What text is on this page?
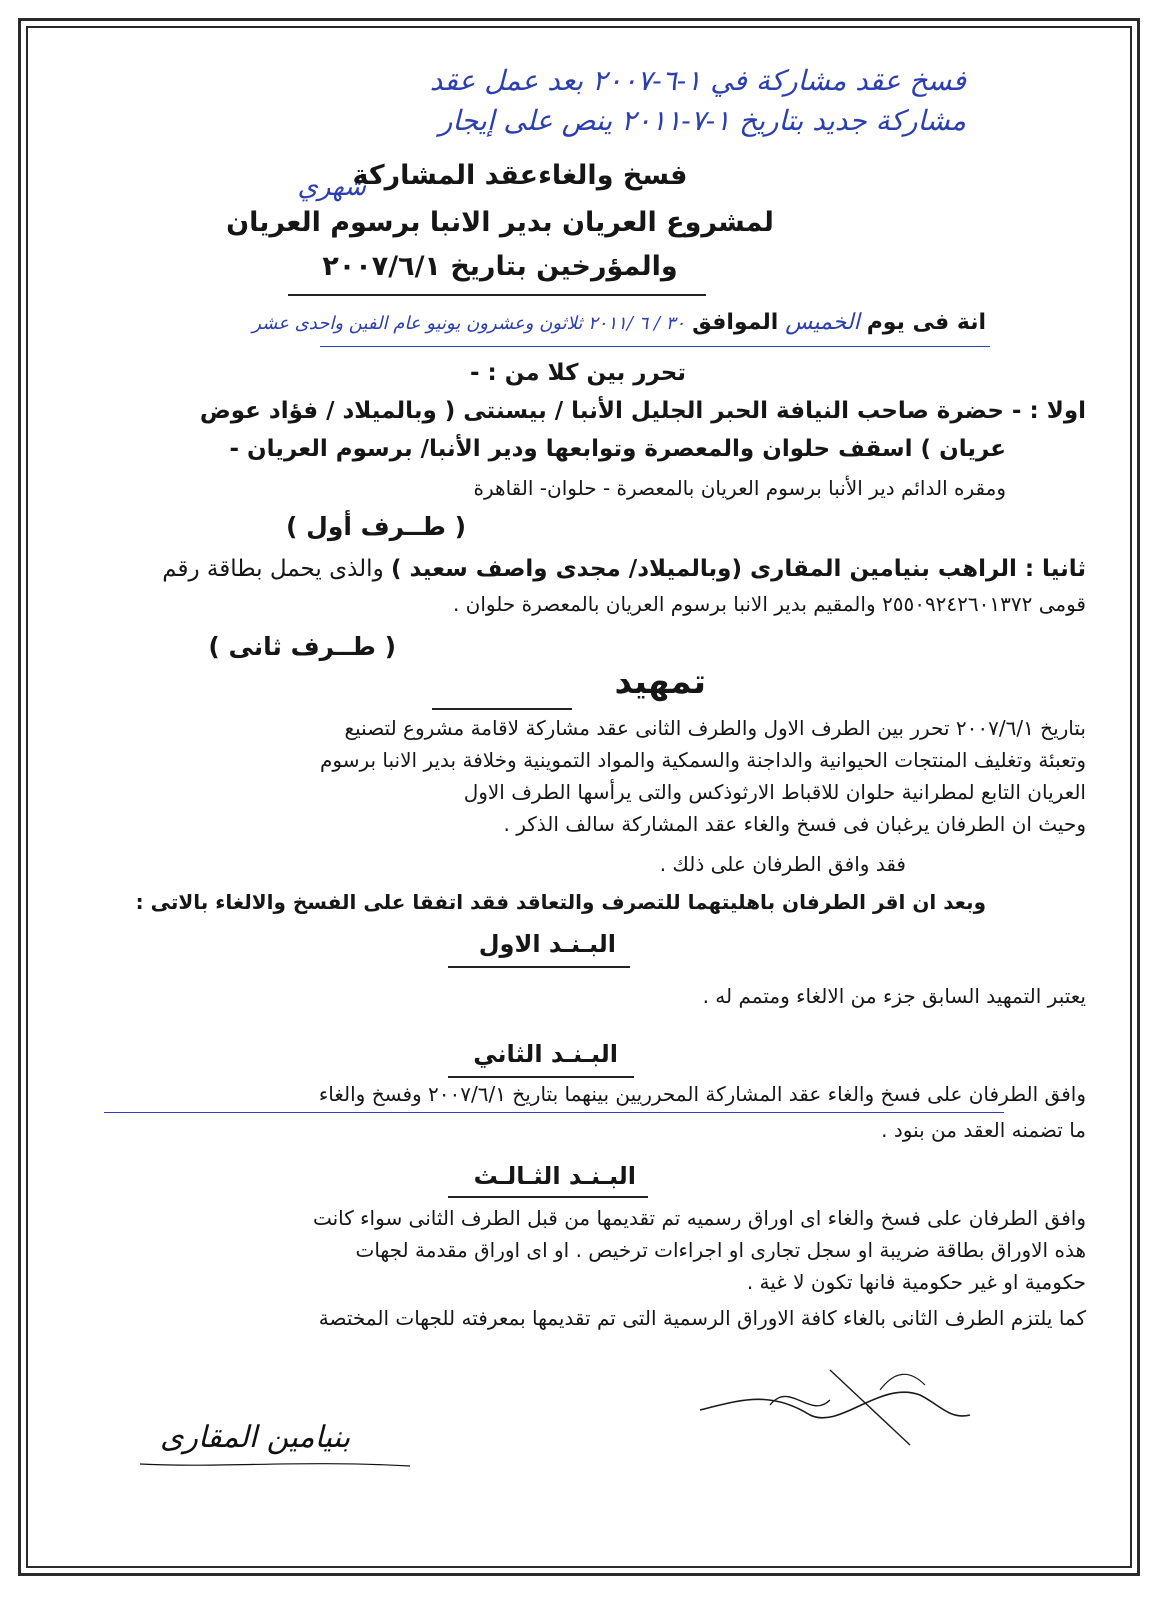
فسخ عقد مشاركة في ١-٦-٢٠٠٧ بعد عمل عقد
مشاركة جديد بتاريخ ١-٧-٢٠١١ ينص على إيجار
شهري
فسخ والغاءعقد المشاركة
لمشروع العريان بدير الانبا برسوم العريان
والمؤرخين بتاريخ ٢٠٠٧/٦/١
انة فى يوم الخميس الموافق ٣٠ / ٦ /٢٠١١ ثلاثون وعشرون يونيو عام الفين واحدى عشر
تحرر بين كلا من : -
اولا : - حضرة صاحب النيافة الحبر الجليل الأنبا / بيسنتى ( وبالميلاد / فؤاد عوض
عريان ) اسقف حلوان والمعصرة وتوابعها ودير الأنبا/ برسوم العريان -
ومقره الدائم دير الأنبا برسوم العريان بالمعصرة - حلوان- القاهرة
( طــرف أول )
ثانيا : الراهب بنيامين المقارى (وبالميلاد/ مجدى واصف سعيد ) والذى يحمل بطاقة رقم
قومى ٢٥٥٠٩٢٤٢٦٠١٣٧٢ والمقيم بدير الانبا برسوم العريان بالمعصرة حلوان .
( طــرف ثانى )
تمهيد
بتاريخ ٢٠٠٧/٦/١ تحرر بين الطرف الاول والطرف الثانى عقد مشاركة لاقامة مشروع لتصنيع
وتعبئة وتغليف المنتجات الحيوانية والداجنة والسمكية والمواد التموينية وخلافة بدير الانبا برسوم
العريان التابع لمطرانية حلوان للاقباط الارثوذكس والتى يرأسها الطرف الاول
وحيث ان الطرفان يرغبان فى فسخ والغاء عقد المشاركة سالف الذكر .
فقد وافق الطرفان على ذلك .
وبعد ان اقر الطرفان باهليتهما للتصرف والتعاقد فقد اتفقا على الفسخ والالغاء بالاتى :
البـنـد الاول
يعتبر التمهيد السابق جزء من الالغاء ومتمم له .
البـنـد الثاني
وافق الطرفان على فسخ والغاء عقد المشاركة المحرريين بينهما بتاريخ ٢٠٠٧/٦/١ وفسخ والغاء
ما تضمنه العقد من بنود .
البـنـد الثـالـث
وافق الطرفان على فسخ والغاء اى اوراق رسميه تم تقديمها من قبل الطرف الثانى سواء كانت
هذه الاوراق بطاقة ضريبة او سجل تجارى او اجراءات ترخيص . او اى اوراق مقدمة لجهات
حكومية او غير حكومية فانها تكون لا غية .
كما يلتزم الطرف الثانى بالغاء كافة الاوراق الرسمية التى تم تقديمها بمعرفته للجهات المختصة
بنيامين المقارى
